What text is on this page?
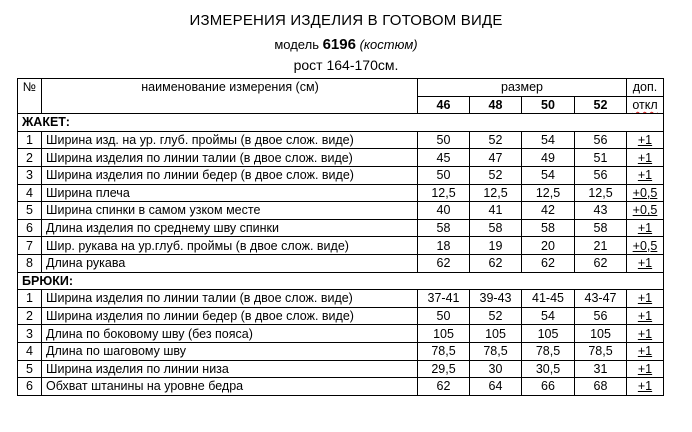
ИЗМЕРЕНИЯ ИЗДЕЛИЯ В ГОТОВОМ ВИДЕ
модель 6196 (костюм)
рост 164-170см.
№	наименование измерения (см)	размер				доп.
		46	48	50	52	откл
ЖАКЕТ:						
1	Ширина изд. на ур. глуб. проймы (в двое слож. виде)	50	52	54	56	+1
2	Ширина изделия по линии талии (в двое слож. виде)	45	47	49	51	+1
3	Ширина изделия по линии бедер (в двое слож. виде)	50	52	54	56	+1
4	Ширина плеча	12,5	12,5	12,5	12,5	+0,5
5	Ширина спинки в самом узком месте	40	41	42	43	+0,5
6	Длина изделия по среднему шву спинки	58	58	58	58	+1
7	Шир. рукава на ур.глуб. проймы (в двое слож. виде)	18	19	20	21	+0,5
8	Длина рукава	62	62	62	62	+1
БРЮКИ:						
1	Ширина изделия по линии талии (в двое слож. виде)	37-41	39-43	41-45	43-47	+1
2	Ширина изделия по линии бедер (в двое слож. виде)	50	52	54	56	+1
3	Длина по боковому шву (без пояса)	105	105	105	105	+1
4	Длина по шаговому шву	78,5	78,5	78,5	78,5	+1
5	Ширина изделия по линии низа	29,5	30	30,5	31	+1
6	Обхват штанины на уровне бедра	62	64	66	68	+1
